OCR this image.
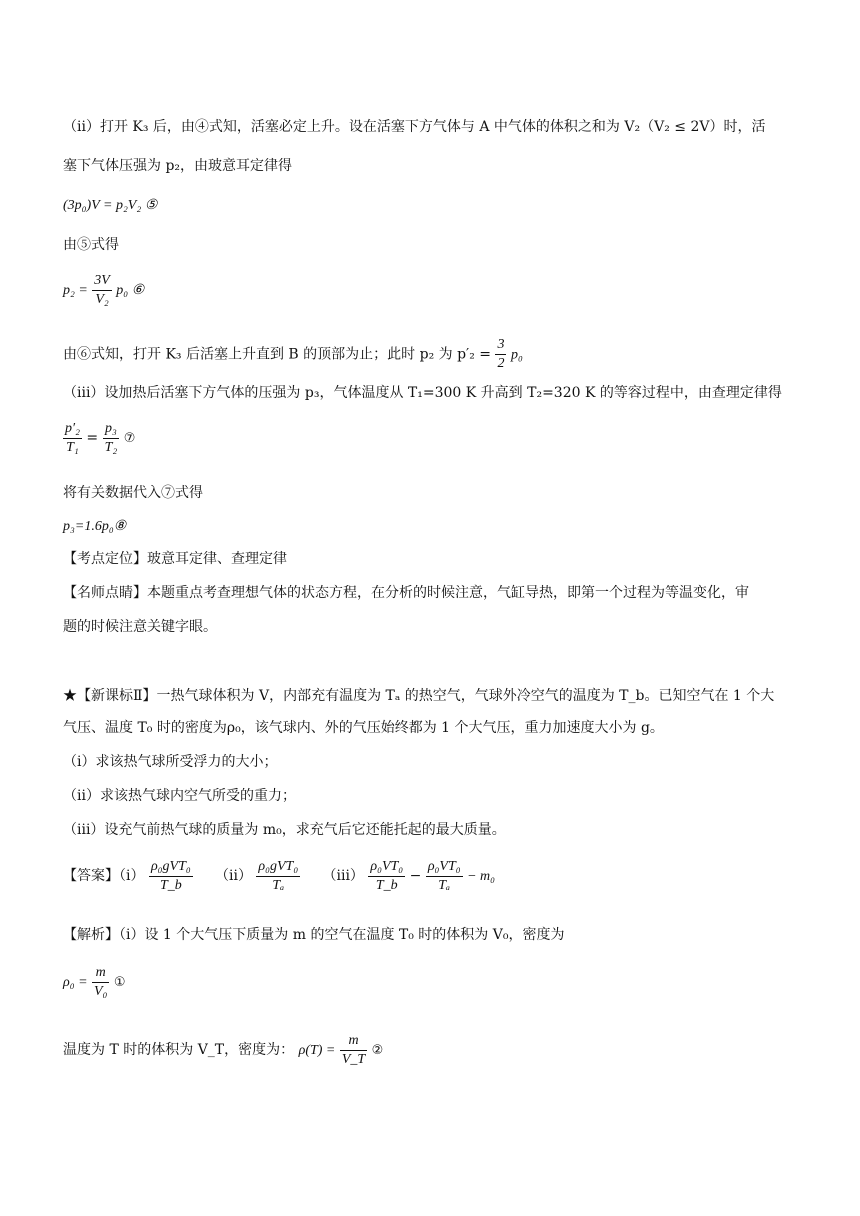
（ii）打开 K₃ 后，由④式知，活塞必定上升。设在活塞下方气体与 A 中气体的体积之和为 V₂（V₂ ≤ 2V）时，活
塞下气体压强为 p₂，由玻意耳定律得
(3p₀)V = p₂V₂ ⑤
由⑤式得
$p_2 = \frac{3V}{\text{V₂}} p_0$ ⑥
由⑥式知，打开 K₃ 后活塞上升直到 B 的顶部为止；此时 p₂ 为 $p'_2 = \frac{3}{2} p_0$
（iii）设加热后活塞下方气体的压强为 p₃，气体温度从 T₁=300 K 升高到 T₂=320 K 的等容过程中，由查理定律得
$\frac{\text{p′₂}}{\text{T₁}} = \frac{\text{p₃}}{\text{T₂}}$ ⑦
将有关数据代入⑦式得
p₃=1.6p₀⑧
【考点定位】玻意耳定律、查理定律
【名师点睛】本题重点考查理想气体的状态方程，在分析的时候注意，气缸导热，即第一个过程为等温变化，审
题的时候注意关键字眼。
★【新课标Ⅱ】一热气球体积为 V，内部充有温度为 Tₐ 的热空气，气球外冷空气的温度为 T_b。已知空气在 1 个大
气压、温度 T₀ 时的密度为ρ₀，该气球内、外的气压始终都为 1 个大气压，重力加速度大小为 g。
（i）求该热气球所受浮力的大小；
（ii）求该热气球内空气所受的重力；
（iii）设充气前热气球的质量为 m₀，求充气后它还能托起的最大质量。
【答案】$(i) \frac{\text{ρ₀gVT₀}}{T\_b} (ii) \frac{\text{ρ₀gVT₀}}{\text{Tₐ}} (iii) \frac{\text{ρ₀VT₀}}{T\_b} - \frac{\text{ρ₀VT₀}}{\text{Tₐ}} - m_0$
【解析】（i）设 1 个大气压下质量为 m 的空气在温度 T₀ 时的体积为 V₀，密度为
$\rho_0 = \frac{m}{\text{V₀}}$ ①
温度为 T 时的体积为 V_T，密度为： $\rho(T) = \frac{m}{V\_T}$ ②
